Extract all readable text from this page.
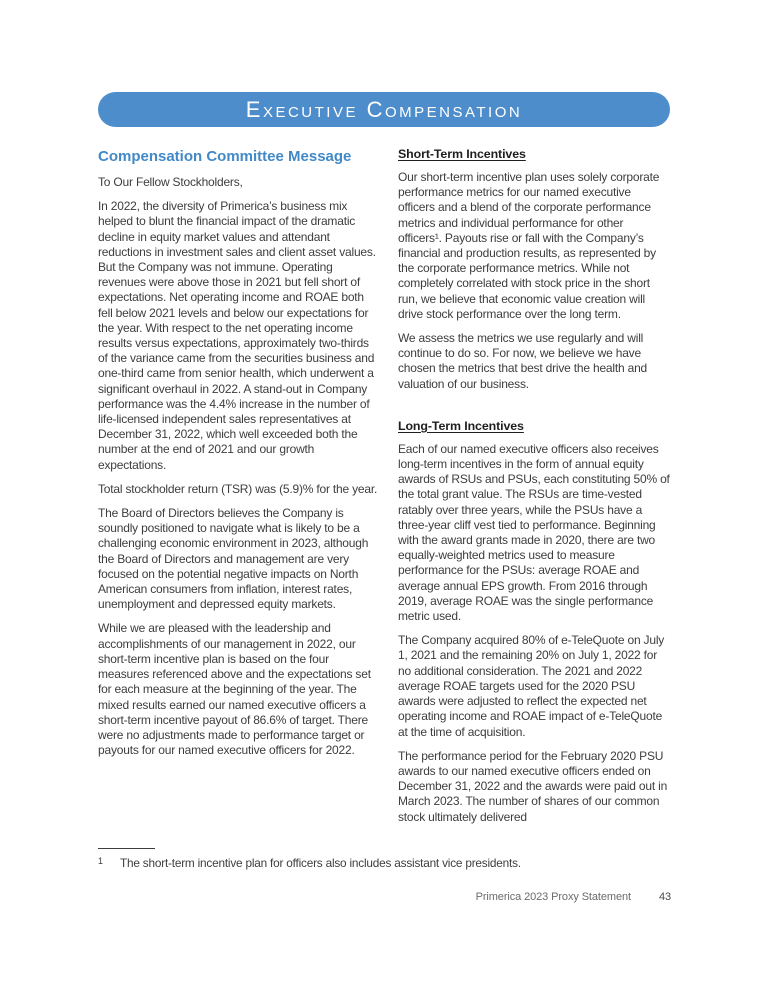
Executive Compensation
Compensation Committee Message

To Our Fellow Stockholders,

In 2022, the diversity of Primerica’s business mix helped to blunt the financial impact of the dramatic decline in equity market values and attendant reductions in investment sales and client asset values. But the Company was not immune. Operating revenues were above those in 2021 but fell short of expectations. Net operating income and ROAE both fell below 2021 levels and below our expectations for the year. With respect to the net operating income results versus expectations, approximately two-thirds of the variance came from the securities business and one-third came from senior health, which underwent a significant overhaul in 2022. A stand-out in Company performance was the 4.4% increase in the number of life-licensed independent sales representatives at December 31, 2022, which well exceeded both the number at the end of 2021 and our growth expectations.

Total stockholder return (TSR) was (5.9)% for the year.

The Board of Directors believes the Company is soundly positioned to navigate what is likely to be a challenging economic environment in 2023, although the Board of Directors and management are very focused on the potential negative impacts on North American consumers from inflation, interest rates, unemployment and depressed equity markets.

While we are pleased with the leadership and accomplishments of our management in 2022, our short-term incentive plan is based on the four measures referenced above and the expectations set for each measure at the beginning of the year. The mixed results earned our named executive officers a short-term incentive payout of 86.6% of target. There were no adjustments made to performance target or payouts for our named executive officers for 2022.

Short-Term Incentives

Our short-term incentive plan uses solely corporate performance metrics for our named executive officers and a blend of the corporate performance metrics and individual performance for other officers¹. Payouts rise or fall with the Company’s financial and production results, as represented by the corporate performance metrics. While not completely correlated with stock price in the short run, we believe that economic value creation will drive stock performance over the long term.

We assess the metrics we use regularly and will continue to do so. For now, we believe we have chosen the metrics that best drive the health and valuation of our business.

Long-Term Incentives

Each of our named executive officers also receives long-term incentives in the form of annual equity awards of RSUs and PSUs, each constituting 50% of the total grant value. The RSUs are time-vested ratably over three years, while the PSUs have a three-year cliff vest tied to performance. Beginning with the award grants made in 2020, there are two equally-weighted metrics used to measure performance for the PSUs: average ROAE and average annual EPS growth. From 2016 through 2019, average ROAE was the single performance metric used.

The Company acquired 80% of e-TeleQuote on July 1, 2021 and the remaining 20% on July 1, 2022 for no additional consideration. The 2021 and 2022 average ROAE targets used for the 2020 PSU awards were adjusted to reflect the expected net operating income and ROAE impact of e-TeleQuote at the time of acquisition.

The performance period for the February 2020 PSU awards to our named executive officers ended on December 31, 2022 and the awards were paid out in March 2023. The number of shares of our common stock ultimately delivered

1 The short-term incentive plan for officers also includes assistant vice presidents.
Primerica 2023 Proxy Statement	43
